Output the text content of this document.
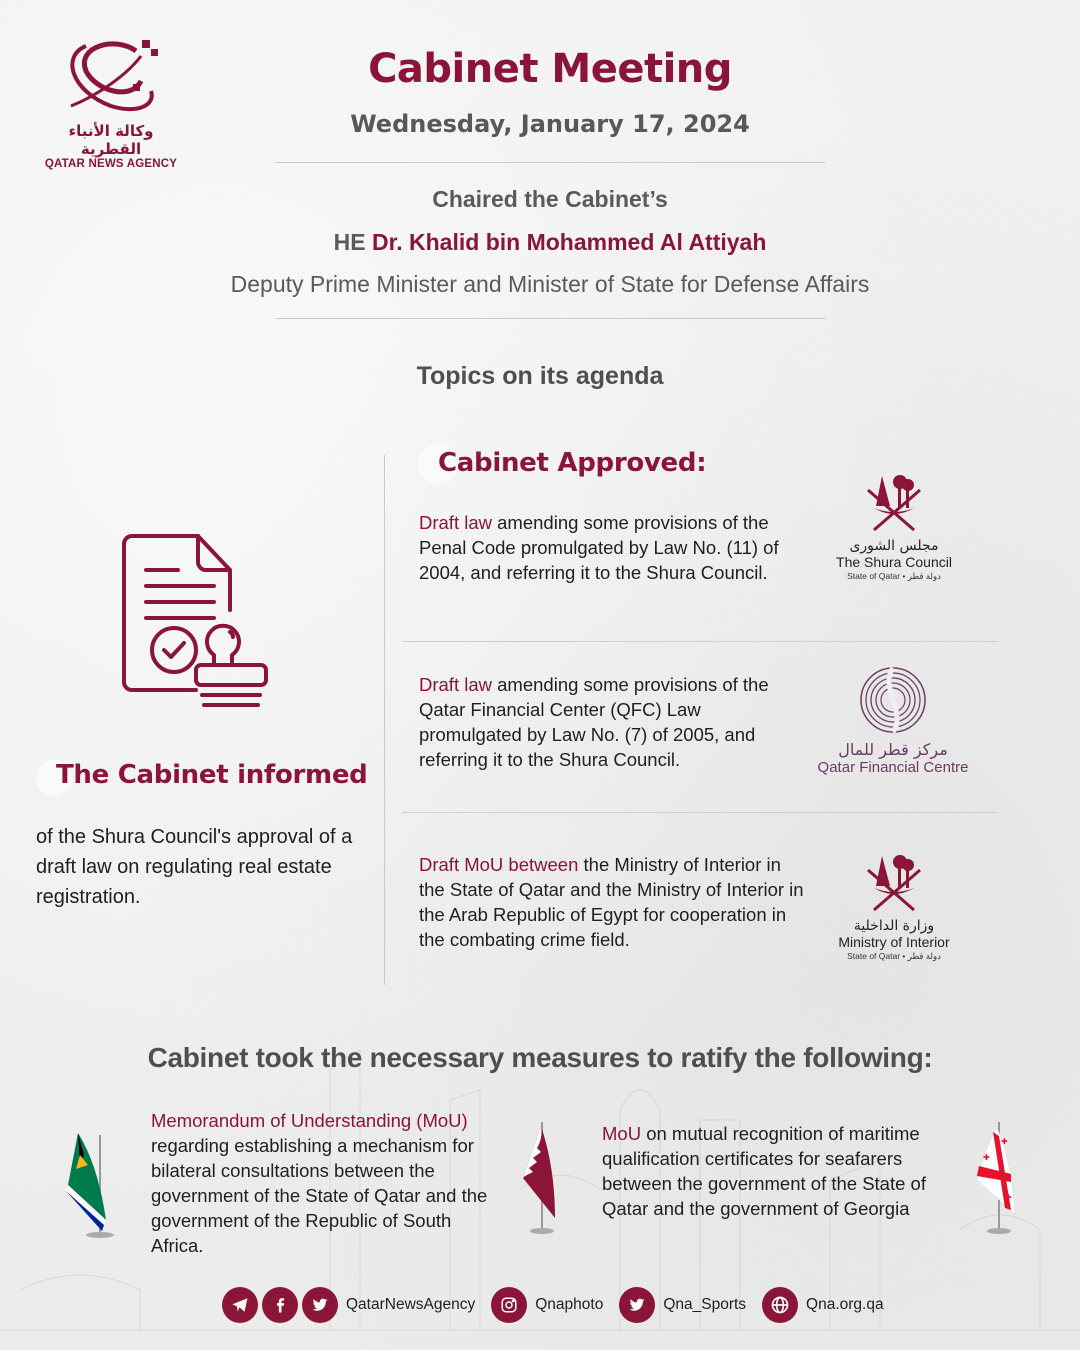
وكالة الأنباء القطرية
QATAR NEWS AGENCY
Cabinet Meeting
Wednesday, January 17, 2024
Chaired the Cabinet’s
HE Dr. Khalid bin Mohammed Al Attiyah
Deputy Prime Minister and Minister of State for Defense Affairs
Topics on its agenda
The Cabinet informed
of the Shura Council's approval of a draft law on regulating real estate registration.
Cabinet Approved:
Draft law amending some provisions of the Penal Code promulgated by Law No. (11) of 2004, and referring it to the Shura Council.
Draft law amending some provisions of the Qatar Financial Center (QFC) Law promulgated by Law No. (7) of 2005, and referring it to the Shura Council.
Draft MoU between the Ministry of Interior in the State of Qatar and the Ministry of Interior in the Arab Republic of Egypt for cooperation in the combating crime field.
مجلس الشورى
The Shura Council
State of Qatar • دولة قطر
مركز قطر للمال
Qatar Financial Centre
وزارة الداخلية
Ministry of Interior
State of Qatar • دولة قطر
Cabinet took the necessary measures to ratify the following:
Memorandum of Understanding (MoU) regarding establishing a mechanism for bilateral consultations between the government of the State of Qatar and the government of the Republic of South Africa.
MoU on mutual recognition of maritime qualification certificates for seafarers between the government of the State of Qatar and the government of Georgia
✚
✚
✚
QatarNewsAgency	Qnaphoto	Qna_Sports	Qna.org.qa
